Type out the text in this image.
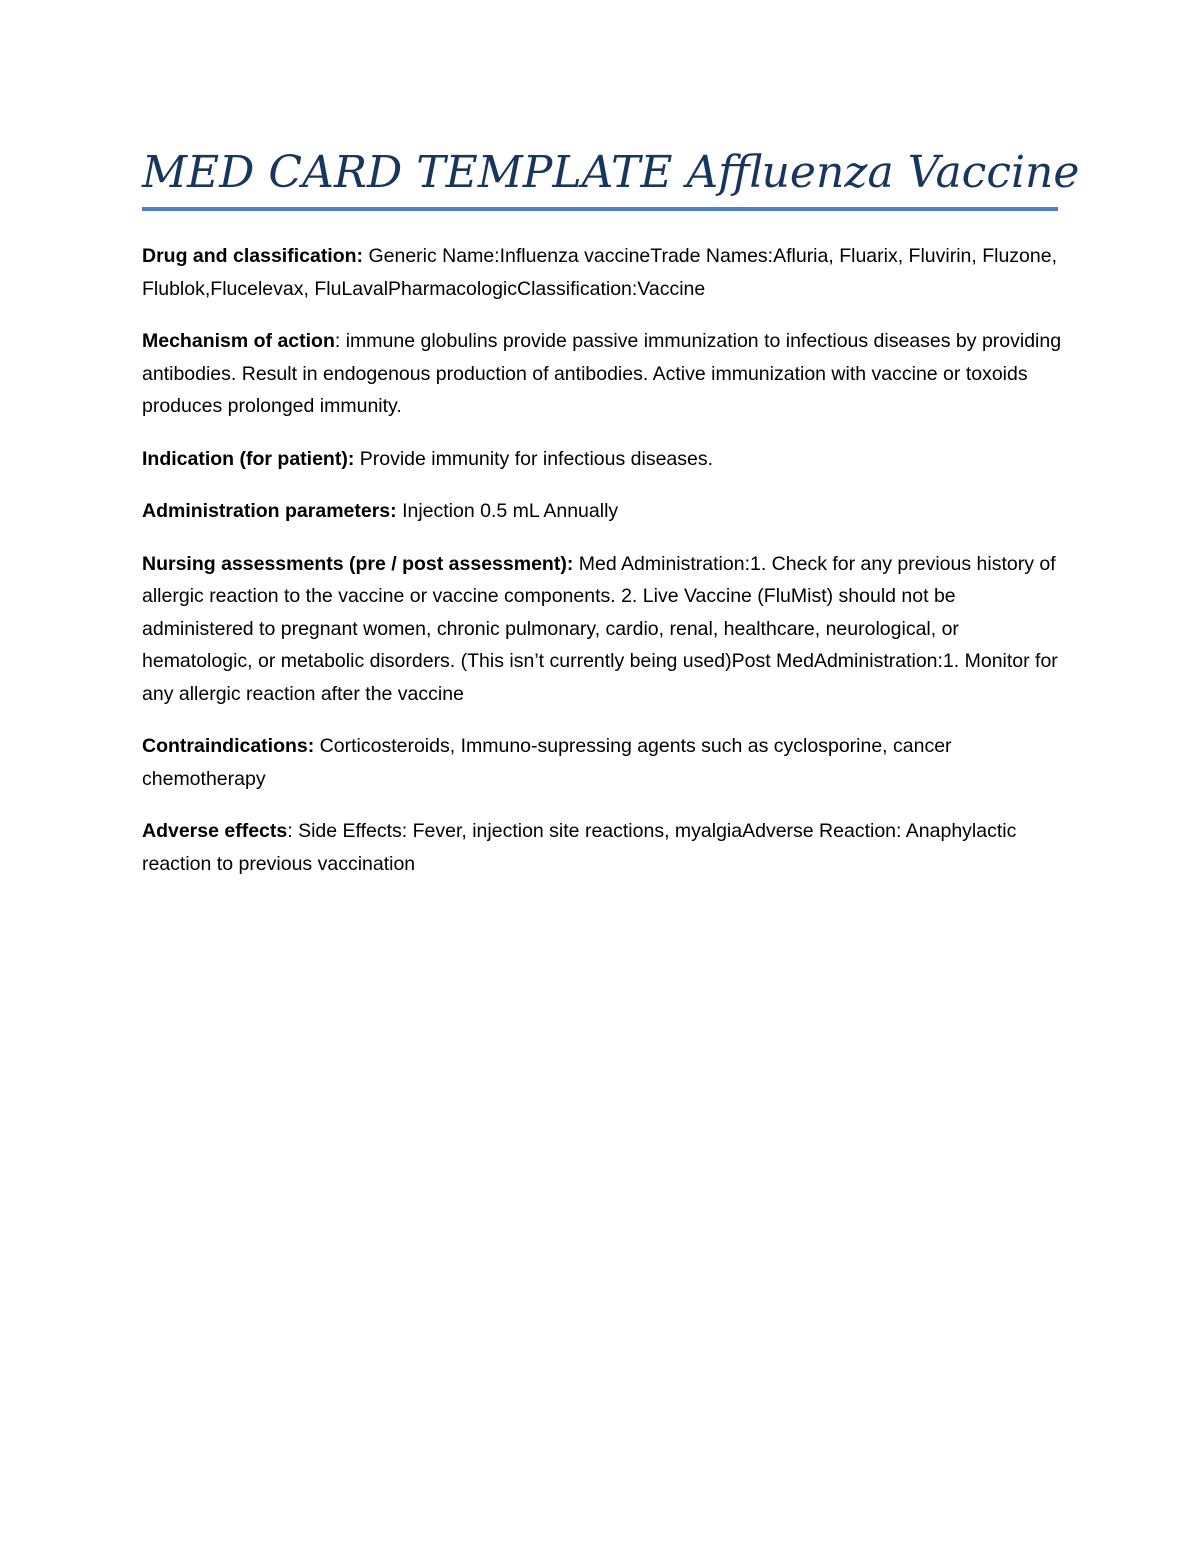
MED CARD TEMPLATE Affluenza Vaccine

Drug and classification: Generic Name:Influenza vaccineTrade Names:Afluria, Fluarix, Fluvirin, Fluzone, Flublok,Flucelevax, FluLavalPharmacologicClassification:Vaccine

Mechanism of action: immune globulins provide passive immunization to infectious diseases by providing antibodies. Result in endogenous production of antibodies. Active immunization with vaccine or toxoids produces prolonged immunity.

Indication (for patient): Provide immunity for infectious diseases.

Administration parameters: Injection 0.5 mL Annually

Nursing assessments (pre / post assessment): Med Administration:1. Check for any previous history of allergic reaction to the vaccine or vaccine components. 2. Live Vaccine (FluMist) should not be administered to pregnant women, chronic pulmonary, cardio, renal, healthcare, neurological, or hematologic, or metabolic disorders. (This isn’t currently being used)Post MedAdministration:1. Monitor for any allergic reaction after the vaccine

Contraindications: Corticosteroids, Immuno-supressing agents such as cyclosporine, cancer chemotherapy

Adverse effects: Side Effects: Fever, injection site reactions, myalgiaAdverse Reaction: Anaphylactic reaction to previous vaccination
